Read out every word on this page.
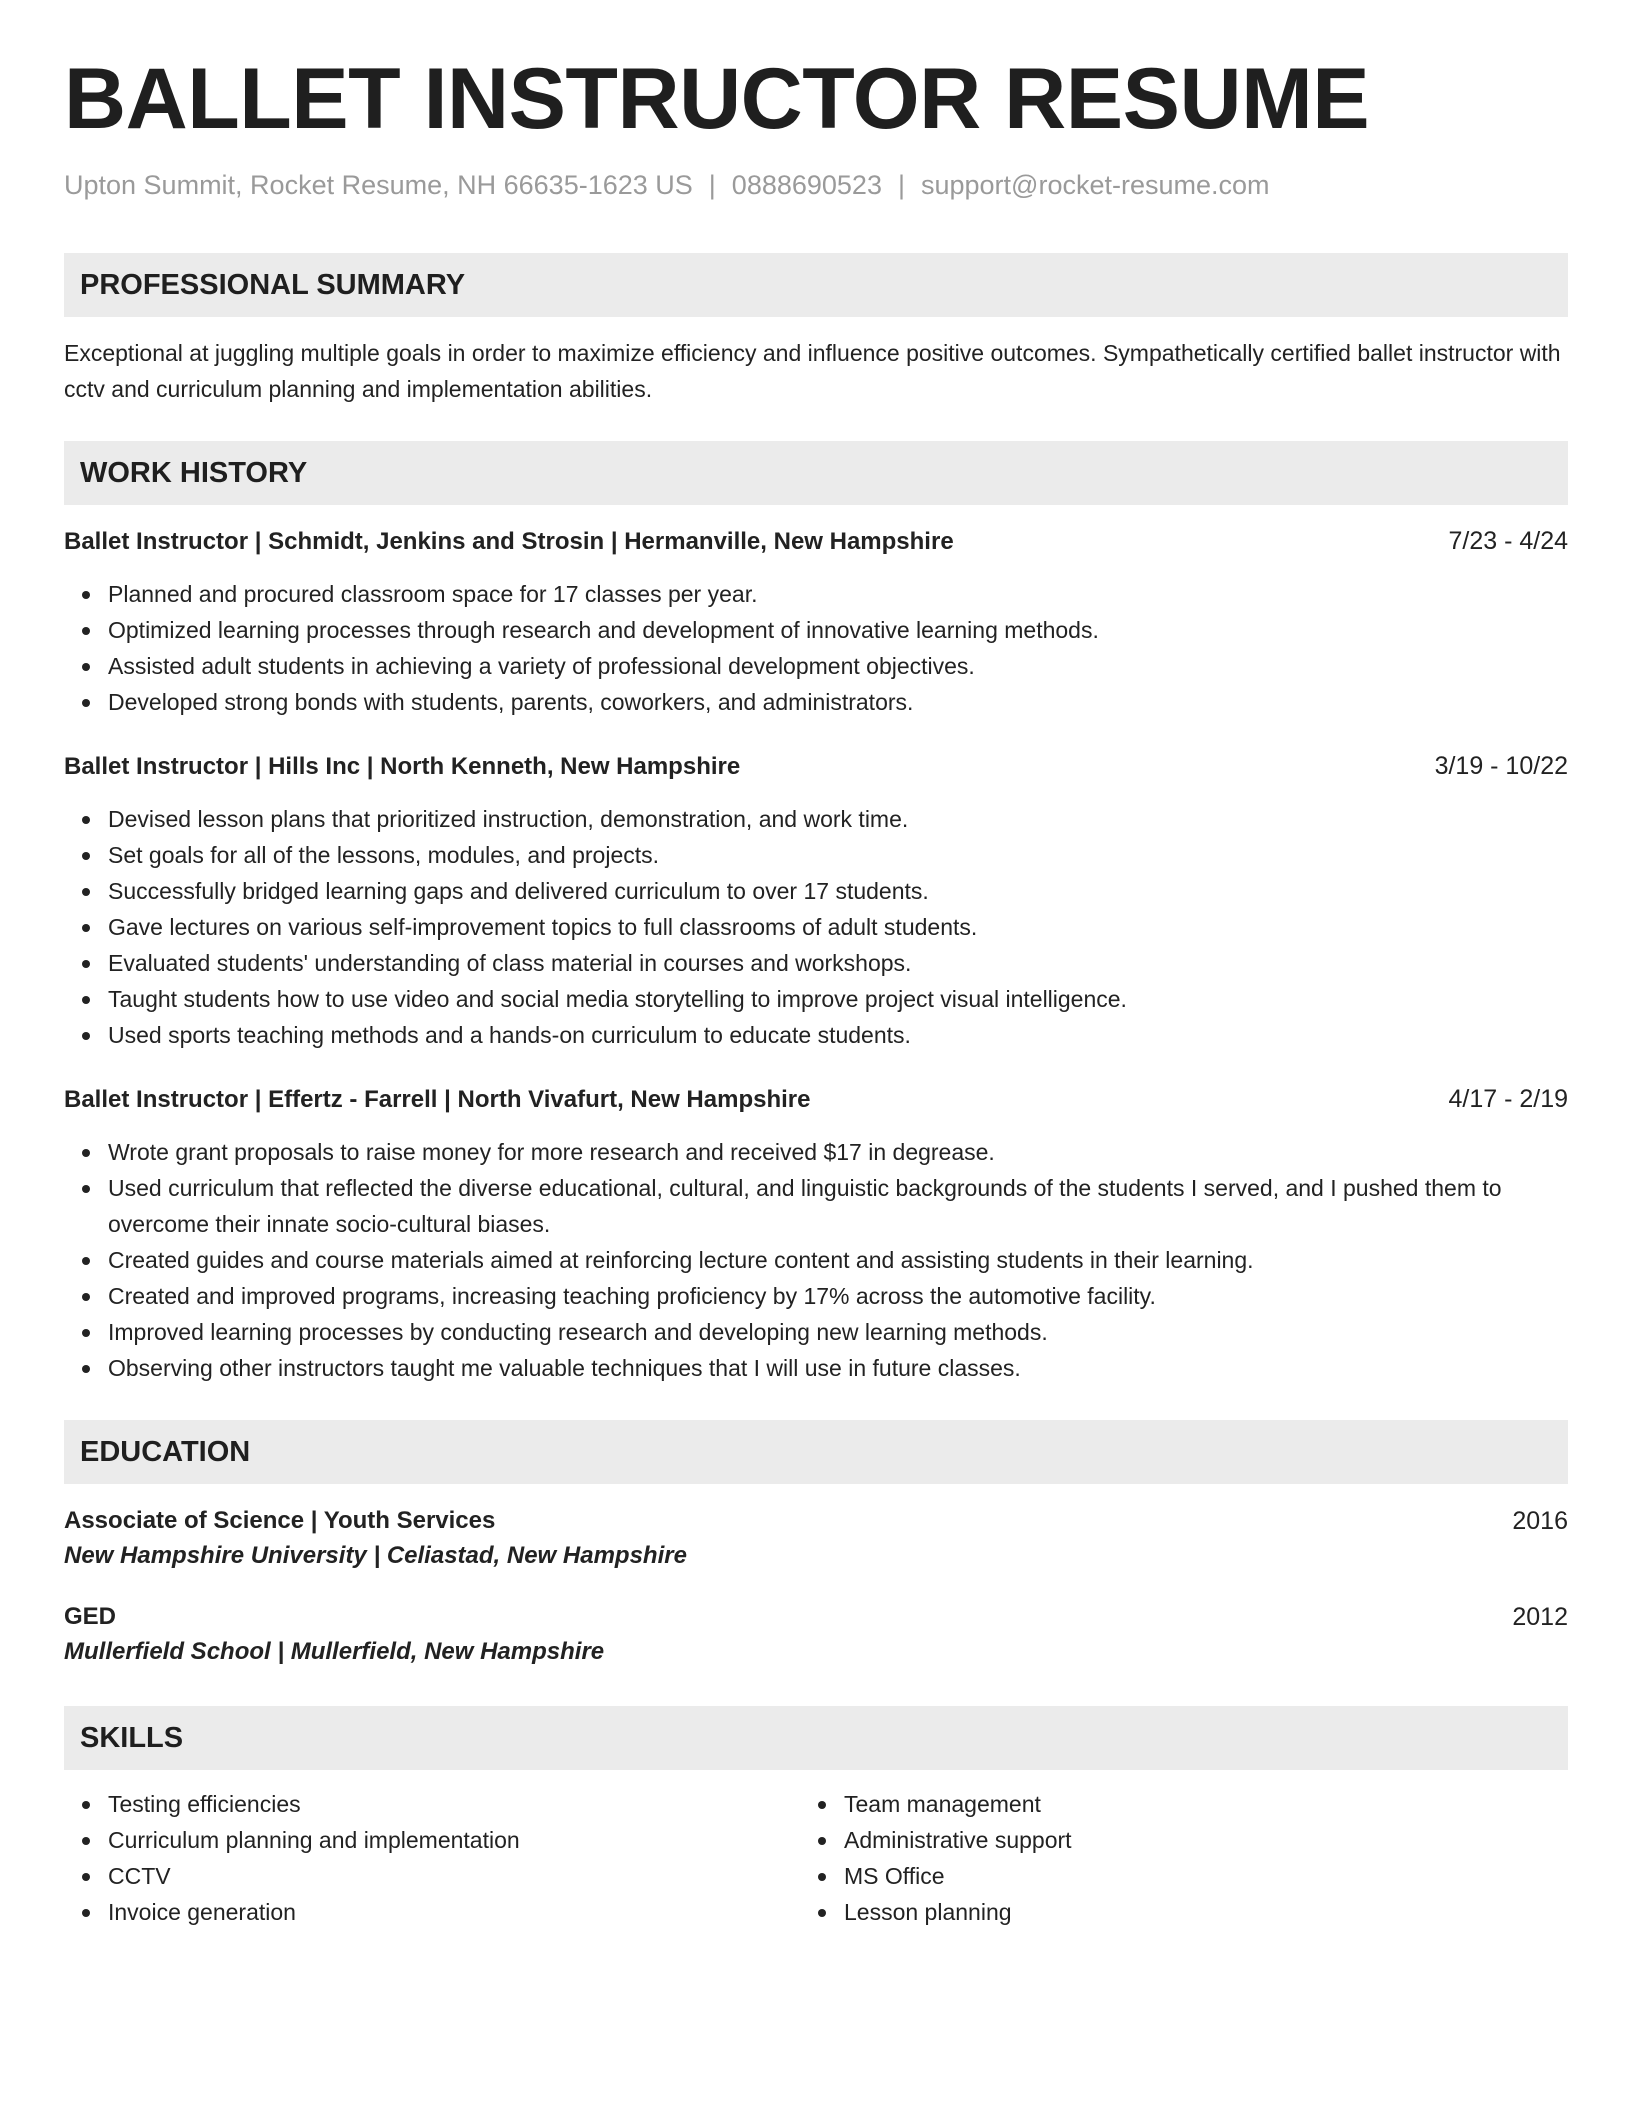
BALLET INSTRUCTOR RESUME
Upton Summit, Rocket Resume, NH 66635-1623 US | 0888690523 | support@rocket-resume.com
PROFESSIONAL SUMMARY
Exceptional at juggling multiple goals in order to maximize efficiency and influence positive outcomes. Sympathetically certified ballet instructor with cctv and curriculum planning and implementation abilities.
WORK HISTORY
Ballet Instructor | Schmidt, Jenkins and Strosin | Hermanville, New Hampshire	7/23 - 4/24
Planned and procured classroom space for 17 classes per year.
Optimized learning processes through research and development of innovative learning methods.
Assisted adult students in achieving a variety of professional development objectives.
Developed strong bonds with students, parents, coworkers, and administrators.
Ballet Instructor | Hills Inc | North Kenneth, New Hampshire	3/19 - 10/22
Devised lesson plans that prioritized instruction, demonstration, and work time.
Set goals for all of the lessons, modules, and projects.
Successfully bridged learning gaps and delivered curriculum to over 17 students.
Gave lectures on various self-improvement topics to full classrooms of adult students.
Evaluated students' understanding of class material in courses and workshops.
Taught students how to use video and social media storytelling to improve project visual intelligence.
Used sports teaching methods and a hands-on curriculum to educate students.
Ballet Instructor | Effertz - Farrell | North Vivafurt, New Hampshire	4/17 - 2/19
Wrote grant proposals to raise money for more research and received $17 in degrease.
Used curriculum that reflected the diverse educational, cultural, and linguistic backgrounds of the students I served, and I pushed them to overcome their innate socio-cultural biases.
Created guides and course materials aimed at reinforcing lecture content and assisting students in their learning.
Created and improved programs, increasing teaching proficiency by 17% across the automotive facility.
Improved learning processes by conducting research and developing new learning methods.
Observing other instructors taught me valuable techniques that I will use in future classes.
EDUCATION
Associate of Science | Youth Services	2016
New Hampshire University | Celiastad, New Hampshire
GED	2012
Mullerfield School | Mullerfield, New Hampshire
SKILLS
Testing efficiencies
Curriculum planning and implementation
CCTV
Invoice generation
Team management
Administrative support
MS Office
Lesson planning
